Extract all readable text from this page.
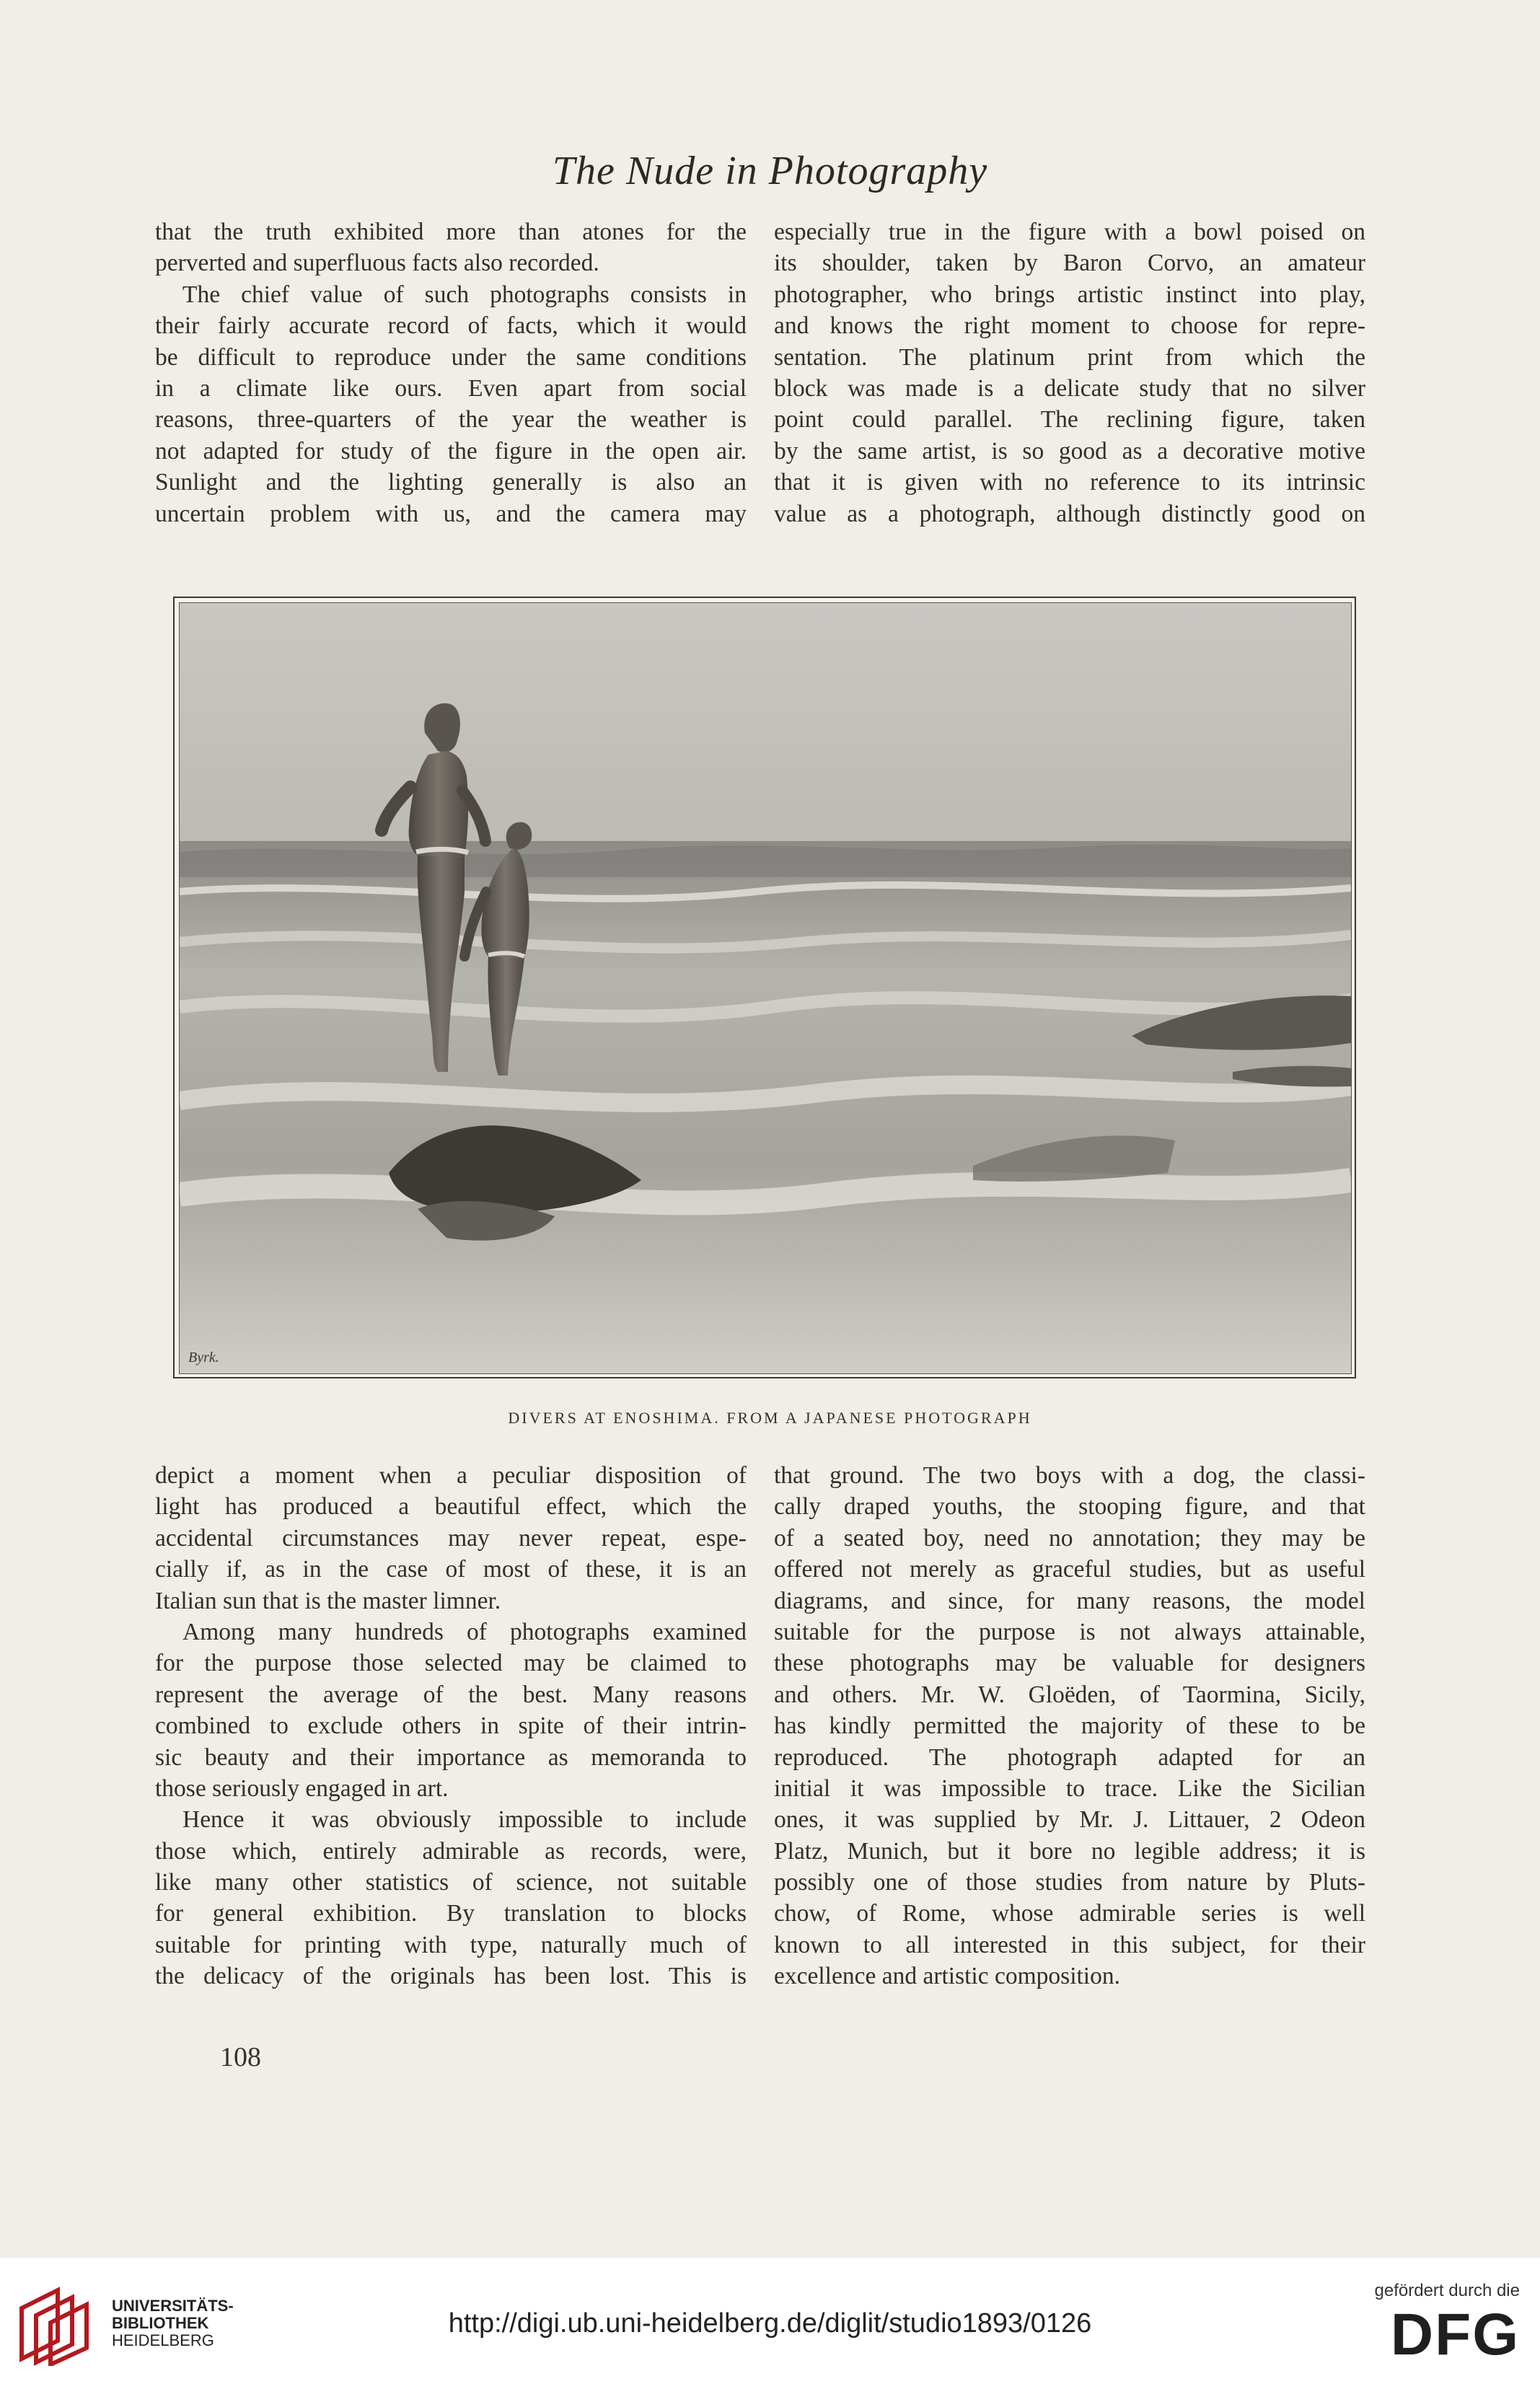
The Nude in Photography
that the truth exhibited more than atones for the
perverted and superfluous facts also recorded.
The chief value of such photographs consists in
their fairly accurate record of facts, which it would
be difficult to reproduce under the same conditions
in a climate like ours. Even apart from social
reasons, three-quarters of the year the weather is
not adapted for study of the figure in the open air.
Sunlight and the lighting generally is also an
uncertain problem with us, and the camera may
especially true in the figure with a bowl poised on
its shoulder, taken by Baron Corvo, an amateur
photographer, who brings artistic instinct into play,
and knows the right moment to choose for repre-
sentation. The platinum print from which the
block was made is a delicate study that no silver
point could parallel. The reclining figure, taken
by the same artist, is so good as a decorative motive
that it is given with no reference to its intrinsic
value as a photograph, although distinctly good on
Byrk.
DIVERS AT ENOSHIMA. FROM A JAPANESE PHOTOGRAPH
depict a moment when a peculiar disposition of
light has produced a beautiful effect, which the
accidental circumstances may never repeat, espe-
cially if, as in the case of most of these, it is an
Italian sun that is the master limner.
Among many hundreds of photographs examined
for the purpose those selected may be claimed to
represent the average of the best. Many reasons
combined to exclude others in spite of their intrin-
sic beauty and their importance as memoranda to
those seriously engaged in art.
Hence it was obviously impossible to include
those which, entirely admirable as records, were,
like many other statistics of science, not suitable
for general exhibition. By translation to blocks
suitable for printing with type, naturally much of
the delicacy of the originals has been lost. This is
that ground. The two boys with a dog, the classi-
cally draped youths, the stooping figure, and that
of a seated boy, need no annotation; they may be
offered not merely as graceful studies, but as useful
diagrams, and since, for many reasons, the model
suitable for the purpose is not always attainable,
these photographs may be valuable for designers
and others. Mr. W. Gloëden, of Taormina, Sicily,
has kindly permitted the majority of these to be
reproduced. The photograph adapted for an
initial it was impossible to trace. Like the Sicilian
ones, it was supplied by Mr. J. Littauer, 2 Odeon
Platz, Munich, but it bore no legible address; it is
possibly one of those studies from nature by Pluts-
chow, of Rome, whose admirable series is well
known to all interested in this subject, for their
excellence and artistic composition.
108
UNIVERSITÄTS-
BIBLIOTHEK
HEIDELBERG
http://digi.ub.uni-heidelberg.de/diglit/studio1893/0126
gefördert durch die
DFG
